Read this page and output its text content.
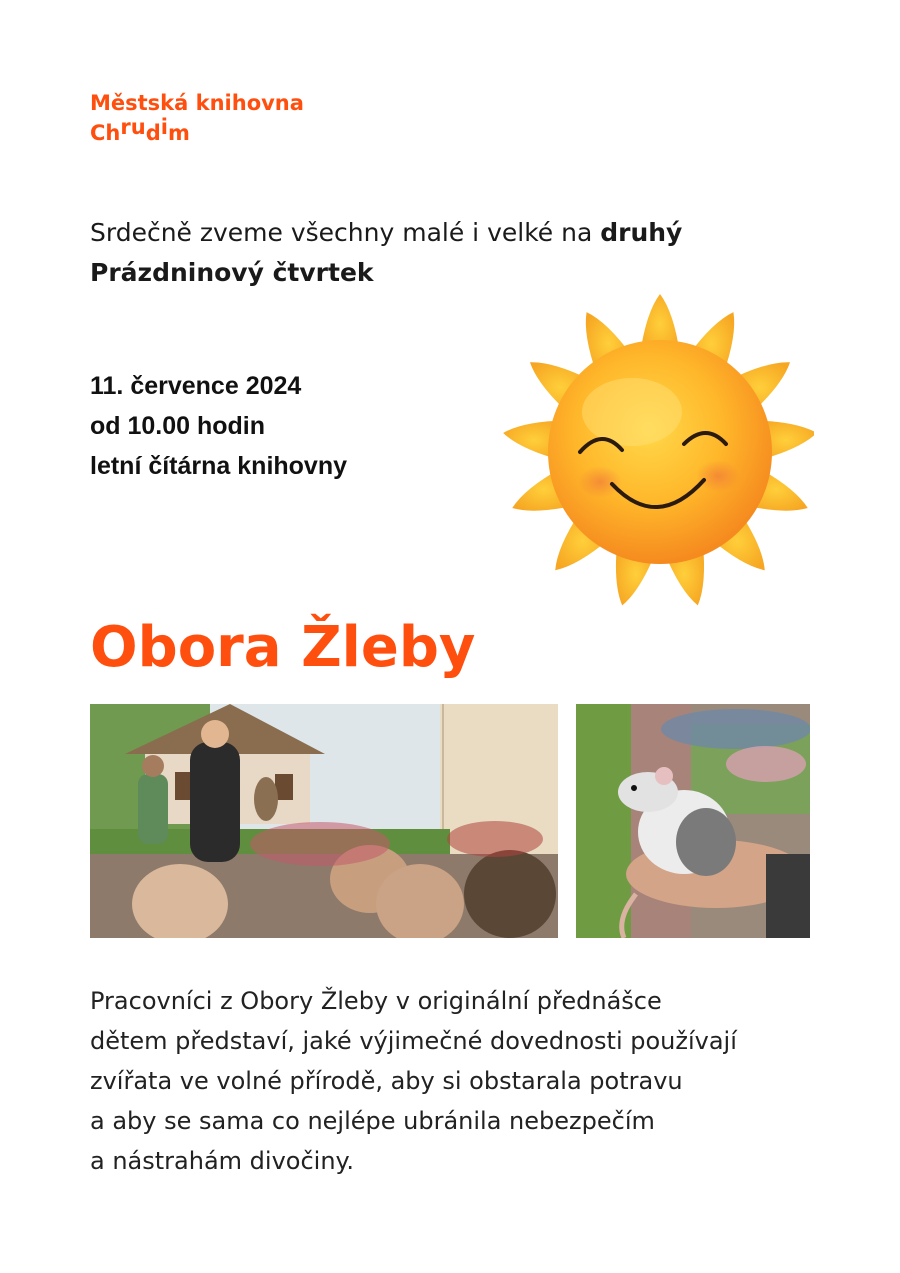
Městská knihovna
Chrudim
Srdečně zveme všechny malé i velké na druhý
Prázdninový čtvrtek
11. července 2024
od 10.00 hodin
letní čítárna knihovny
Obora Žleby
Pracovníci z Obory Žleby v originální přednášce
dětem představí, jaké výjimečné dovednosti používají
zvířata ve volné přírodě, aby si obstarala potravu
a aby se sama co nejlépe ubránila nebezpečím
a nástrahám divočiny.
